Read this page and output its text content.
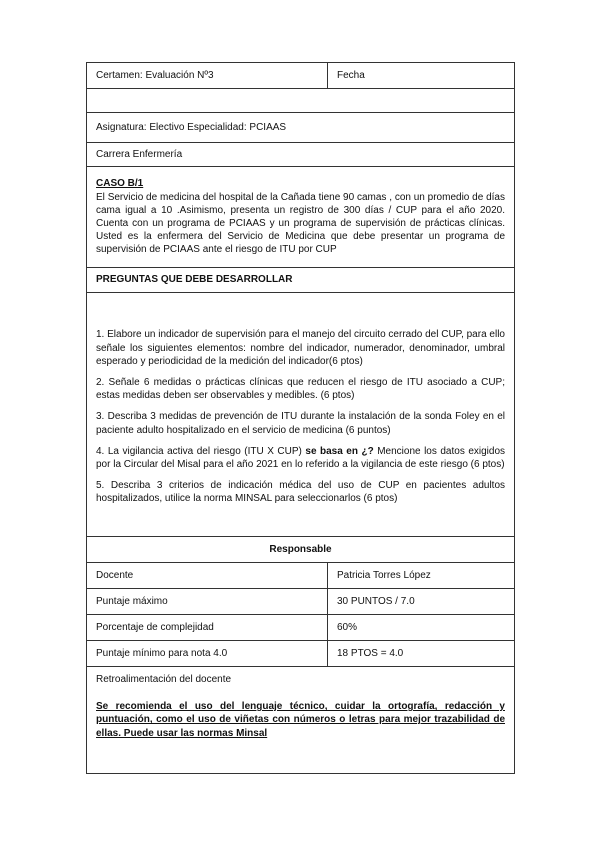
Certamen: Evaluación Nº3	Fecha

Asignatura: Electivo Especialidad: PCIAAS	
Carrera Enfermería	

CASO B/1
El Servicio de medicina del hospital de la Cañada tiene 90 camas , con un promedio de días cama igual a 10 .Asimismo, presenta un registro de 300 días / CUP para el año 2020. Cuenta con un programa de PCIAAS y un programa de supervisión de prácticas clínicas. Usted es la enfermera del Servicio de Medicina que debe presentar un programa de supervisión de PCIAAS ante el riesgo de ITU por CUP	

PREGUNTAS QUE DEBE DESARROLLAR	

1. Elabore un indicador de supervisión para el manejo del circuito cerrado del CUP, para ello señale los siguientes elementos: nombre del indicador, numerador, denominador, umbral esperado y periodicidad de la medición del indicador(6 ptos)

2. Señale 6 medidas o prácticas clínicas que reducen el riesgo de ITU asociado a CUP; estas medidas deben ser observables y medibles. (6 ptos)

3. Describa 3 medidas de prevención de ITU durante la instalación de la sonda Foley en el paciente adulto hospitalizado en el servicio de medicina (6 puntos)

4. La vigilancia activa del riesgo (ITU X CUP) se basa en ¿? Mencione los datos exigidos por la Circular del Misal para el año 2021 en lo referido a la vigilancia de este riesgo (6 ptos)

5. Describa 3 criterios de indicación médica del uso de CUP en pacientes adultos hospitalizados, utilice la norma MINSAL para seleccionarlos (6 ptos)	

Responsable	
Docente	Patricia Torres López
Puntaje máximo	30 PUNTOS / 7.0
Porcentaje de complejidad	60%
Puntaje mínimo para nota 4.0	18 PTOS = 4.0

Retroalimentación del docente

Se recomienda el uso del lenguaje técnico, cuidar la ortografía, redacción y puntuación, como el uso de viñetas con números o letras para mejor trazabilidad de ellas. Puede usar las normas Minsal	
